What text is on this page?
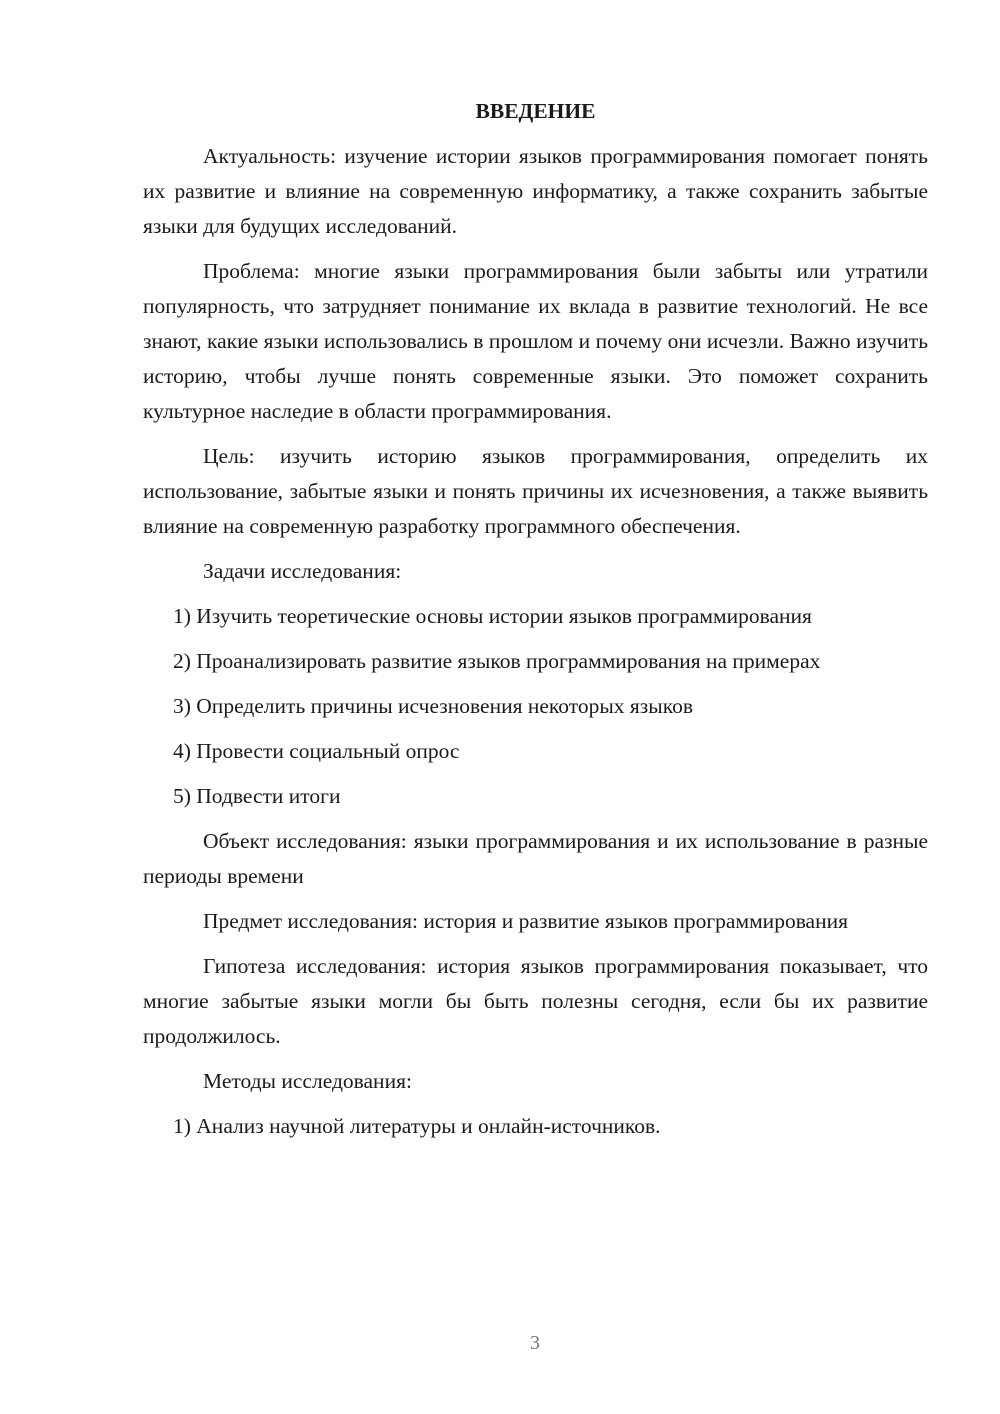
ВВЕДЕНИЕ

Актуальность: изучение истории языков программирования помогает понять их развитие и влияние на современную информатику, а также сохранить забытые языки для будущих исследований.

Проблема: многие языки программирования были забыты или утратили популярность, что затрудняет понимание их вклада в развитие технологий. Не все знают, какие языки использовались в прошлом и почему они исчезли. Важно изучить историю, чтобы лучше понять современные языки. Это поможет сохранить культурное наследие в области программирования.

Цель: изучить историю языков программирования, определить их использование, забытые языки и понять причины их исчезновения, а также выявить влияние на современную разработку программного обеспечения.

Задачи исследования:

1) Изучить теоретические основы истории языков программирования

2) Проанализировать развитие языков программирования на примерах

3) Определить причины исчезновения некоторых языков

4) Провести социальный опрос

5) Подвести итоги

Объект исследования: языки программирования и их использование в разные периоды времени

Предмет исследования: история и развитие языков программирования

Гипотеза исследования: история языков программирования показывает, что многие забытые языки могли бы быть полезны сегодня, если бы их развитие продолжилось.

Методы исследования:

1) Анализ научной литературы и онлайн-источников.

3
